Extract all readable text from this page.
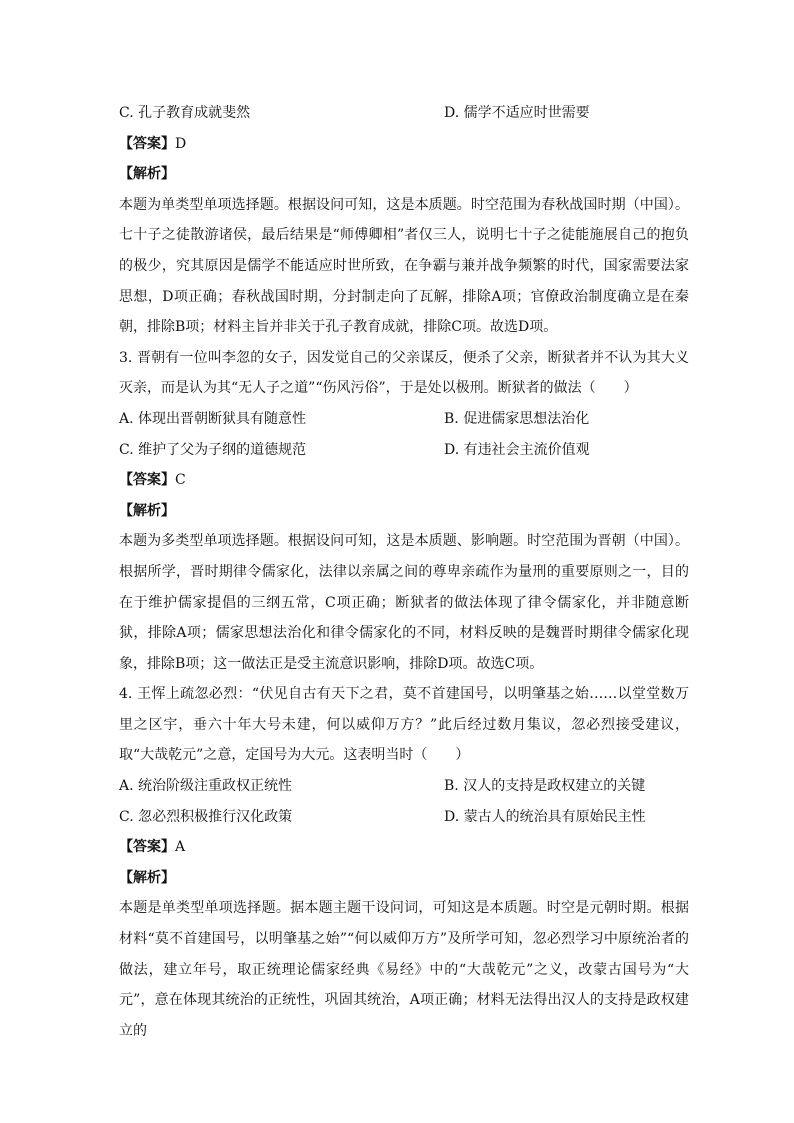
C. 孔子教育成就斐然	D. 儒学不适应时世需要
【答案】D
【解析】

本题为单类型单项选择题。根据设问可知，这是本质题。时空范围为春秋战国时期（中国）。七十子之徒散游诸侯，最后结果是“师傅卿相”者仅三人，说明七十子之徒能施展自己的抱负的极少，究其原因是儒学不能适应时世所致，在争霸与兼并战争频繁的时代，国家需要法家思想，D项正确；春秋战国时期，分封制走向了瓦解，排除A项；官僚政治制度确立是在秦朝，排除B项；材料主旨并非关于孔子教育成就，排除C项。故选D项。

3. 晋朝有一位叫李忽的女子，因发觉自己的父亲谋反，便杀了父亲，断狱者并不认为其大义灭亲，而是认为其“无人子之道”“伤风污俗”，于是处以极刑。断狱者的做法（　　）

A. 体现出晋朝断狱具有随意性	B. 促进儒家思想法治化
C. 维护了父为子纲的道德规范	D. 有违社会主流价值观
【答案】C
【解析】

本题为多类型单项选择题。根据设问可知，这是本质题、影响题。时空范围为晋朝（中国）。根据所学，晋时期律令儒家化，法律以亲属之间的尊卑亲疏作为量刑的重要原则之一，目的在于维护儒家提倡的三纲五常，C项正确；断狱者的做法体现了律令儒家化，并非随意断狱，排除A项；儒家思想法治化和律令儒家化的不同，材料反映的是魏晋时期律令儒家化现象，排除B项；这一做法正是受主流意识影响，排除D项。故选C项。

4. 王恽上疏忽必烈：“伏见自古有天下之君，莫不首建国号，以明肇基之始……以堂堂数万里之区宇，垂六十年大号未建，何以威仰万方？”此后经过数月集议，忽必烈接受建议，取“大哉乾元”之意，定国号为大元。这表明当时（　　）

A. 统治阶级注重政权正统性	B. 汉人的支持是政权建立的关键
C. 忽必烈积极推行汉化政策	D. 蒙古人的统治具有原始民主性
【答案】A
【解析】

本题是单类型单项选择题。据本题主题干设问词，可知这是本质题。时空是元朝时期。根据材料“莫不首建国号，以明肇基之始”“何以威仰万方”及所学可知，忽必烈学习中原统治者的做法，建立年号，取正统理论儒家经典《易经》中的“大哉乾元”之义，改蒙古国号为“大元”，意在体现其统治的正统性，巩固其统治，A项正确；材料无法得出汉人的支持是政权建立的
